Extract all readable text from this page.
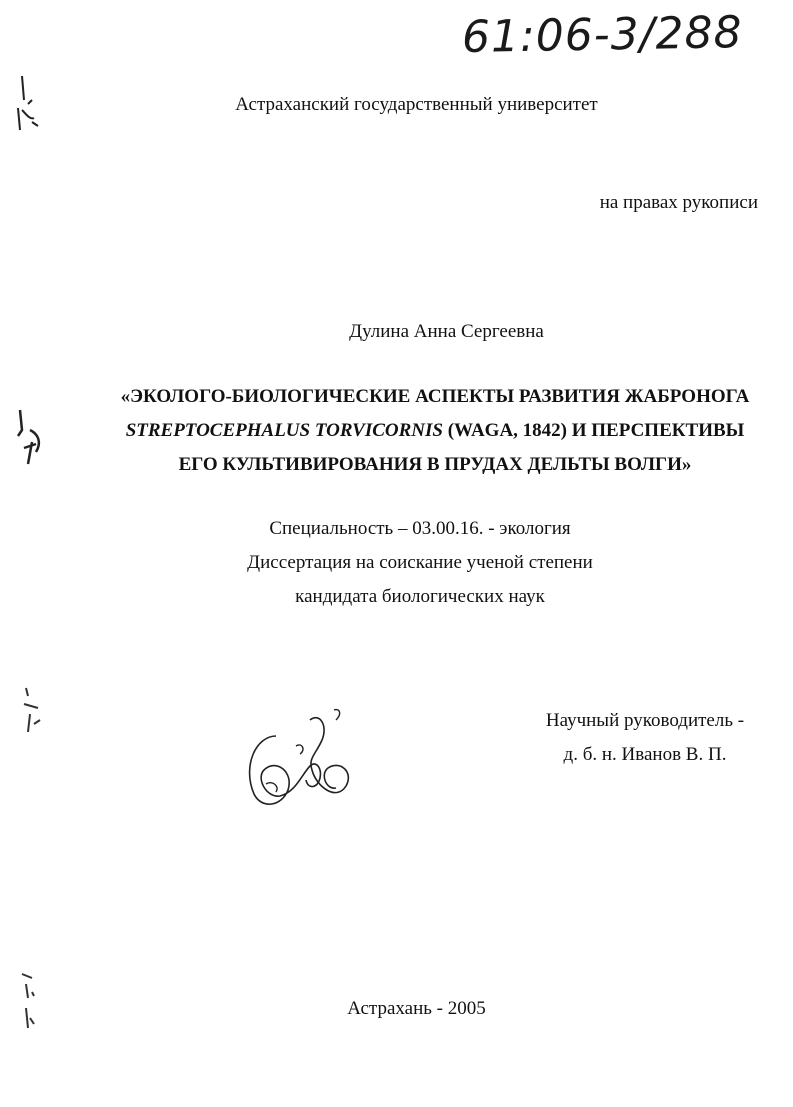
61:06-3/288
Астраханский государственный университет
на правах рукописи
Дулина Анна Сергеевна
«ЭКОЛОГО-БИОЛОГИЧЕСКИЕ АСПЕКТЫ РАЗВИТИЯ ЖАБРОНОГА
STREPTOCEPHALUS TORVICORNIS (WAGA, 1842) И ПЕРСПЕКТИВЫ
ЕГО КУЛЬТИВИРОВАНИЯ В ПРУДАХ ДЕЛЬТЫ ВОЛГИ»
Специальность – 03.00.16. - экология
Диссертация на соискание ученой степени
кандидата биологических наук
Научный руководитель -
д. б. н. Иванов В. П.
Астрахань - 2005
